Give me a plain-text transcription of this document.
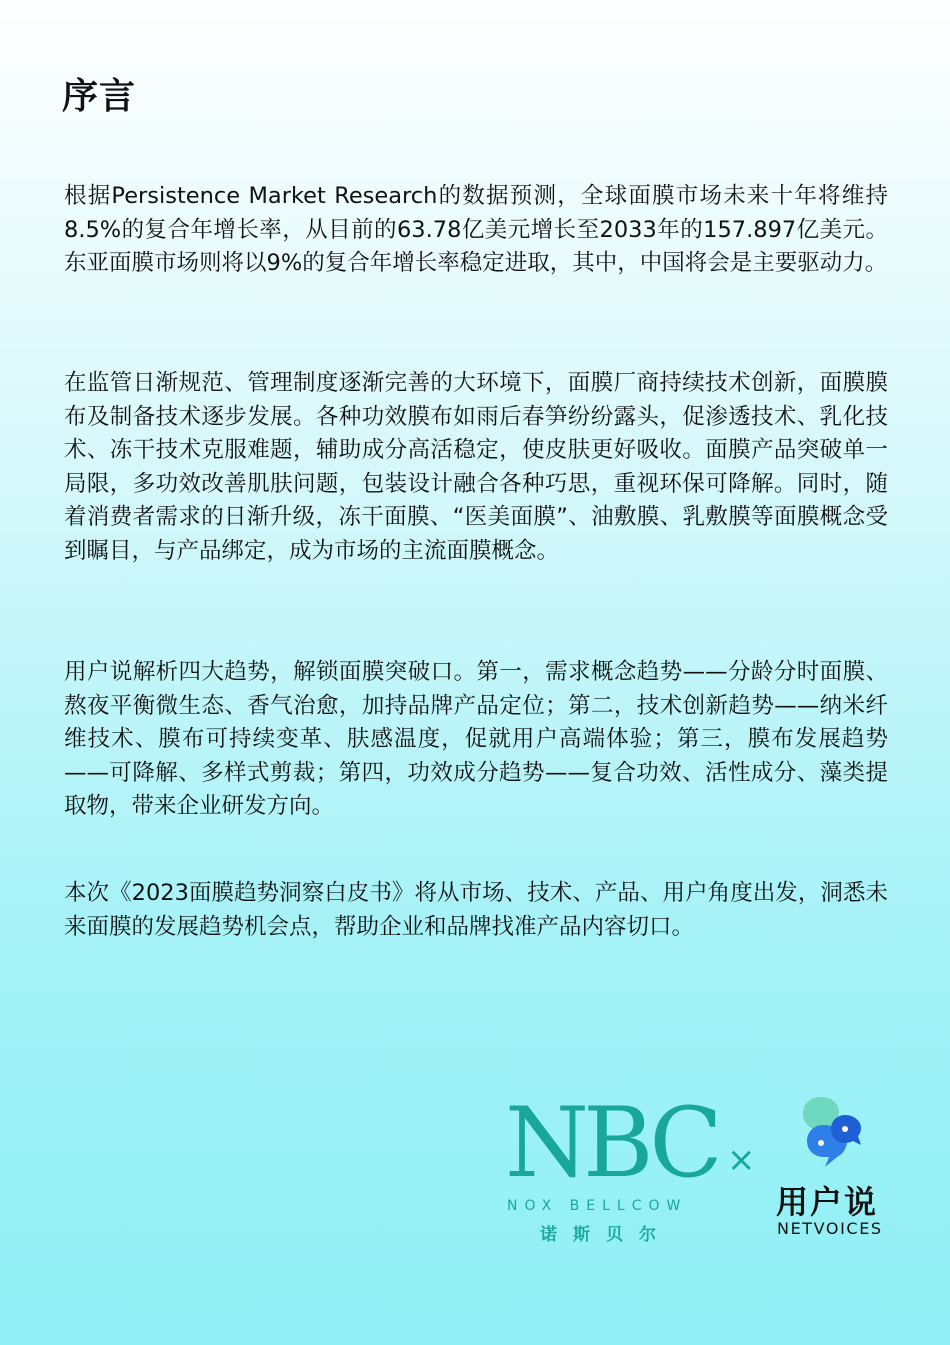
序言

根据Persistence Market Research的数据预测，全球面膜市场未来十年将维持8.5%的复合年增长率，从目前的63.78亿美元增长至2033年的157.897亿美元。东亚面膜市场则将以9%的复合年增长率稳定进取，其中，中国将会是主要驱动力。

在监管日渐规范、管理制度逐渐完善的大环境下，面膜厂商持续技术创新，面膜膜布及制备技术逐步发展。各种功效膜布如雨后春笋纷纷露头，促渗透技术、乳化技术、冻干技术克服难题，辅助成分高活稳定，使皮肤更好吸收。面膜产品突破单一局限，多功效改善肌肤问题，包装设计融合各种巧思，重视环保可降解。同时，随着消费者需求的日渐升级，冻干面膜、“医美面膜”、油敷膜、乳敷膜等面膜概念受到瞩目，与产品绑定，成为市场的主流面膜概念。

用户说解析四大趋势，解锁面膜突破口。第一，需求概念趋势——分龄分时面膜、熬夜平衡微生态、香气治愈，加持品牌产品定位；第二，技术创新趋势——纳米纤维技术、膜布可持续变革、肤感温度，促就用户高端体验；第三，膜布发展趋势——可降解、多样式剪裁；第四，功效成分趋势——复合功效、活性成分、藻类提取物，带来企业研发方向。

本次《2023面膜趋势洞察白皮书》将从市场、技术、产品、用户角度出发，洞悉未来面膜的发展趋势机会点，帮助企业和品牌找准产品内容切口。

NBC
NOX BELLCOW
诺斯贝尔
×
用户说
NETVOICES
